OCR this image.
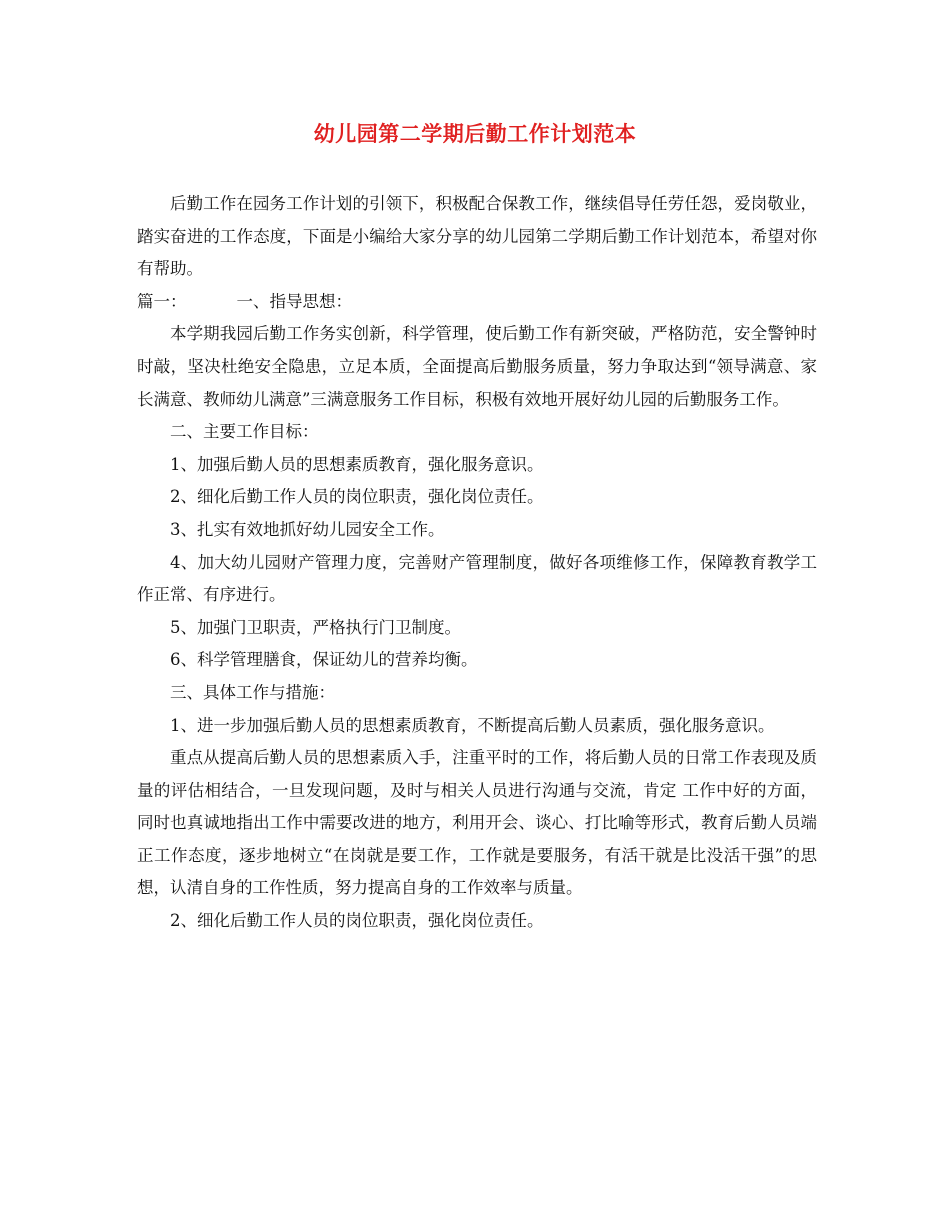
幼儿园第二学期后勤工作计划范本

后勤工作在园务工作计划的引领下，积极配合保教工作，继续倡导任劳任怨，爱岗敬业，踏实奋进的工作态度，下面是小编给大家分享的幼儿园第二学期后勤工作计划范本，希望对你有帮助。

篇一：	一、指导思想：

本学期我园后勤工作务实创新，科学管理，使后勤工作有新突破，严格防范，安全警钟时时敲，坚决杜绝安全隐患，立足本质，全面提高后勤服务质量，努力争取达到“领导满意、家长满意、教师幼儿满意”三满意服务工作目标，积极有效地开展好幼儿园的后勤服务工作。

二、主要工作目标：

1、加强后勤人员的思想素质教育，强化服务意识。

2、细化后勤工作人员的岗位职责，强化岗位责任。

3、扎实有效地抓好幼儿园安全工作。

4、加大幼儿园财产管理力度，完善财产管理制度，做好各项维修工作，保障教育教学工作正常、有序进行。

5、加强门卫职责，严格执行门卫制度。

6、科学管理膳食，保证幼儿的营养均衡。

三、具体工作与措施：

1、进一步加强后勤人员的思想素质教育，不断提高后勤人员素质，强化服务意识。

重点从提高后勤人员的思想素质入手，注重平时的工作，将后勤人员的日常工作表现及质量的评估相结合，一旦发现问题，及时与相关人员进行沟通与交流，肯定 工作中好的方面，同时也真诚地指出工作中需要改进的地方，利用开会、谈心、打比喻等形式，教育后勤人员端正工作态度，逐步地树立“在岗就是要工作，工作就是要服务，有活干就是比没活干强”的思想，认清自身的工作性质，努力提高自身的工作效率与质量。

2、细化后勤工作人员的岗位职责，强化岗位责任。
